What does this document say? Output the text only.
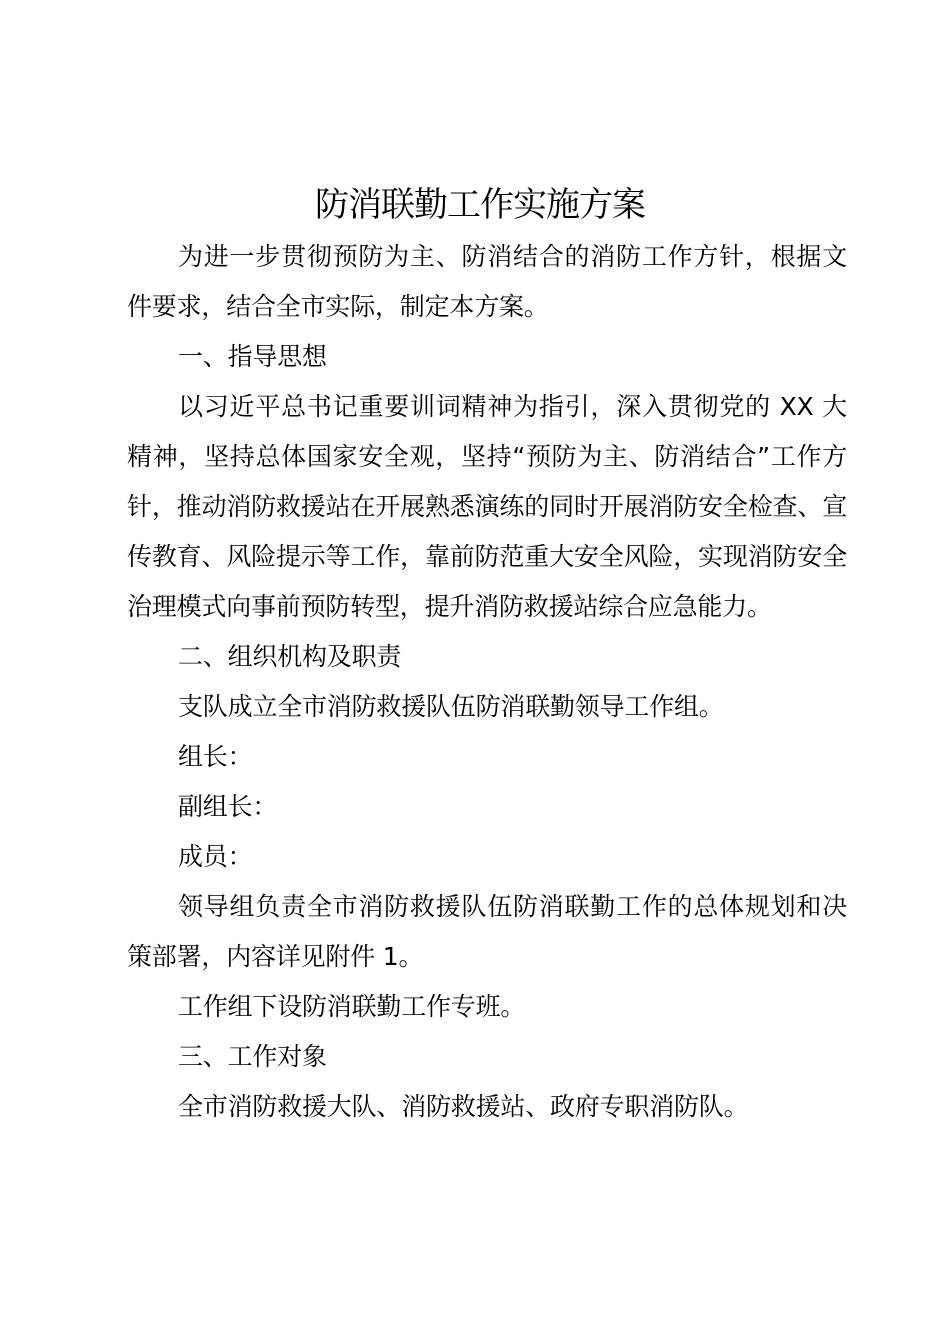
防消联勤工作实施方案

为进一步贯彻预防为主、防消结合的消防工作方针，根据文件要求，结合全市实际，制定本方案。

一、指导思想

以习近平总书记重要训词精神为指引，深入贯彻党的 XX 大精神，坚持总体国家安全观，坚持“预防为主、防消结合”工作方针，推动消防救援站在开展熟悉演练的同时开展消防安全检查、宣传教育、风险提示等工作，靠前防范重大安全风险，实现消防安全治理模式向事前预防转型，提升消防救援站综合应急能力。

二、组织机构及职责

支队成立全市消防救援队伍防消联勤领导工作组。

组长：

副组长：

成员：

领导组负责全市消防救援队伍防消联勤工作的总体规划和决策部署，内容详见附件 1。

工作组下设防消联勤工作专班。

三、工作对象

全市消防救援大队、消防救援站、政府专职消防队。
